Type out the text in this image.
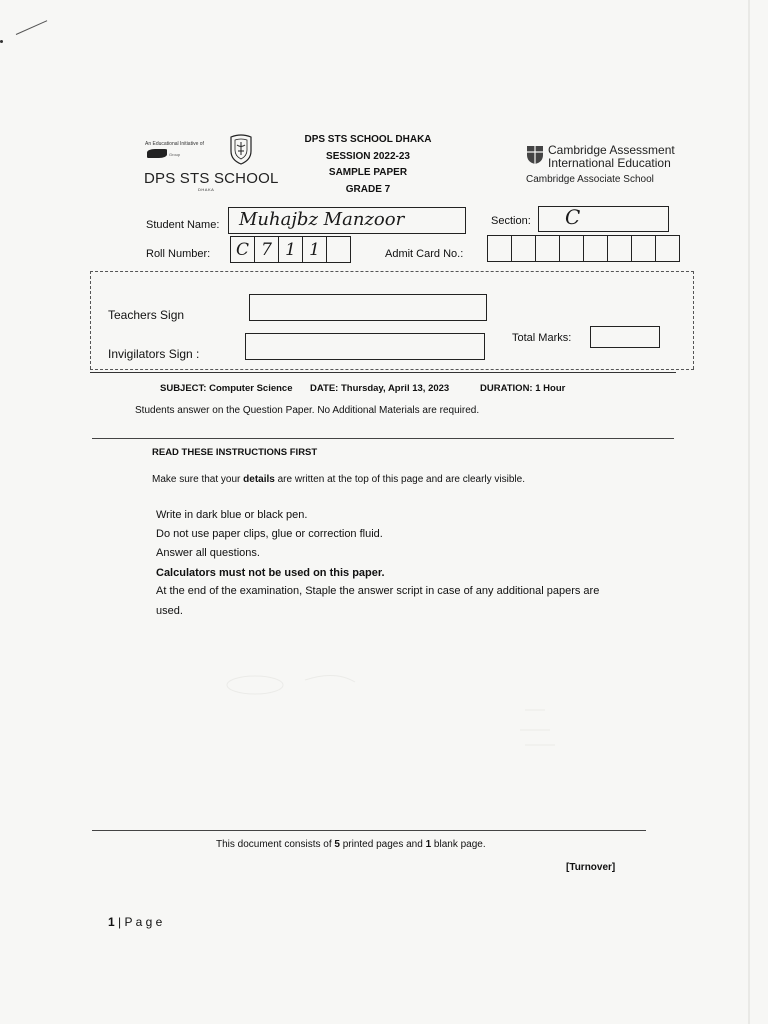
An Educational Initiative of
Group
DPS STS SCHOOL
DHAKA
DPS STS SCHOOL DHAKA
SESSION 2022-23
SAMPLE PAPER
GRADE 7
Cambridge Assessment
International Education
Cambridge Associate School
Student Name: Muhajbz Manzoor	Section: C
Roll Number:	C 7 1 1	Admit Card No.:
Teachers Sign
Invigilators Sign :
Total Marks:
SUBJECT: Computer Science DATE: Thursday, April 13, 2023	DURATION: 1 Hour
Students answer on the Question Paper. No Additional Materials are required.
READ THESE INSTRUCTIONS FIRST
Make sure that your details are written at the top of this page and are clearly visible.
Write in dark blue or black pen.
Do not use paper clips, glue or correction fluid.
Answer all questions.
Calculators must not be used on this paper.
At the end of the examination, Staple the answer script in case of any additional papers are
used.
This document consists of 5 printed pages and 1 blank page.
[Turnover]
1 | P a g e
